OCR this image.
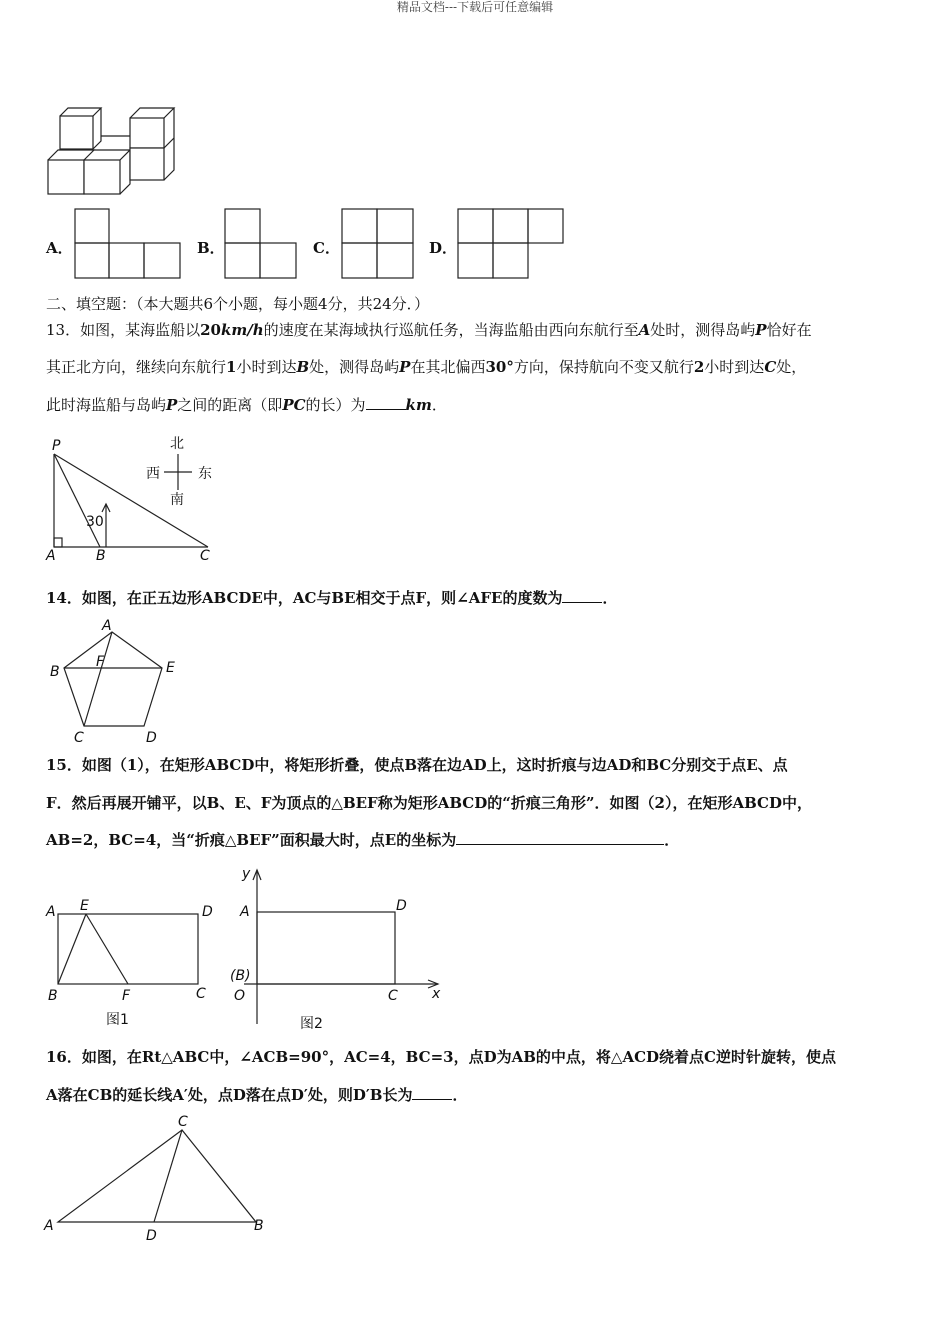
精品文档---下载后可任意编辑
A．	B．	C．	D．
二、填空题：（本大题共6个小题，每小题4分，共24分．）
13．如图，某海监船以20km/h的速度在某海域执行巡航任务，当海监船由西向东航行至A处时，测得岛屿P恰好在
其正北方向，继续向东航行1小时到达B处，测得岛屿P在其北偏西30°方向，保持航向不变又航行2小时到达C处，
此时海监船与岛屿P之间的距离（即PC的长）为	km．
P
A	B	C
30
北
南
西	东
14．如图，在正五边形ABCDE中，AC与BE相交于点F，则∠AFE的度数为	．
A
B
C	D
E
F
15．如图（1），在矩形ABCD中，将矩形折叠，使点B落在边AD上，这时折痕与边AD和BC分别交于点E、点
F．然后再展开铺平，以B、E、F为顶点的△BEF称为矩形ABCD的“折痕三角形”．如图（2），在矩形ABCD中，
AB=2，BC=4，当“折痕△BEF”面积最大时，点E的坐标为	．
A E	D
B	F	C
图1
y
A	D
(B)
O	C x
图2
16．如图，在Rt△ABC中，∠ACB=90°，AC=4，BC=3，点D为AB的中点，将△ACD绕着点C逆时针旋转，使点
A落在CB的延长线A′处，点D落在点D′处，则D′B长为	．
C
A
D
B
